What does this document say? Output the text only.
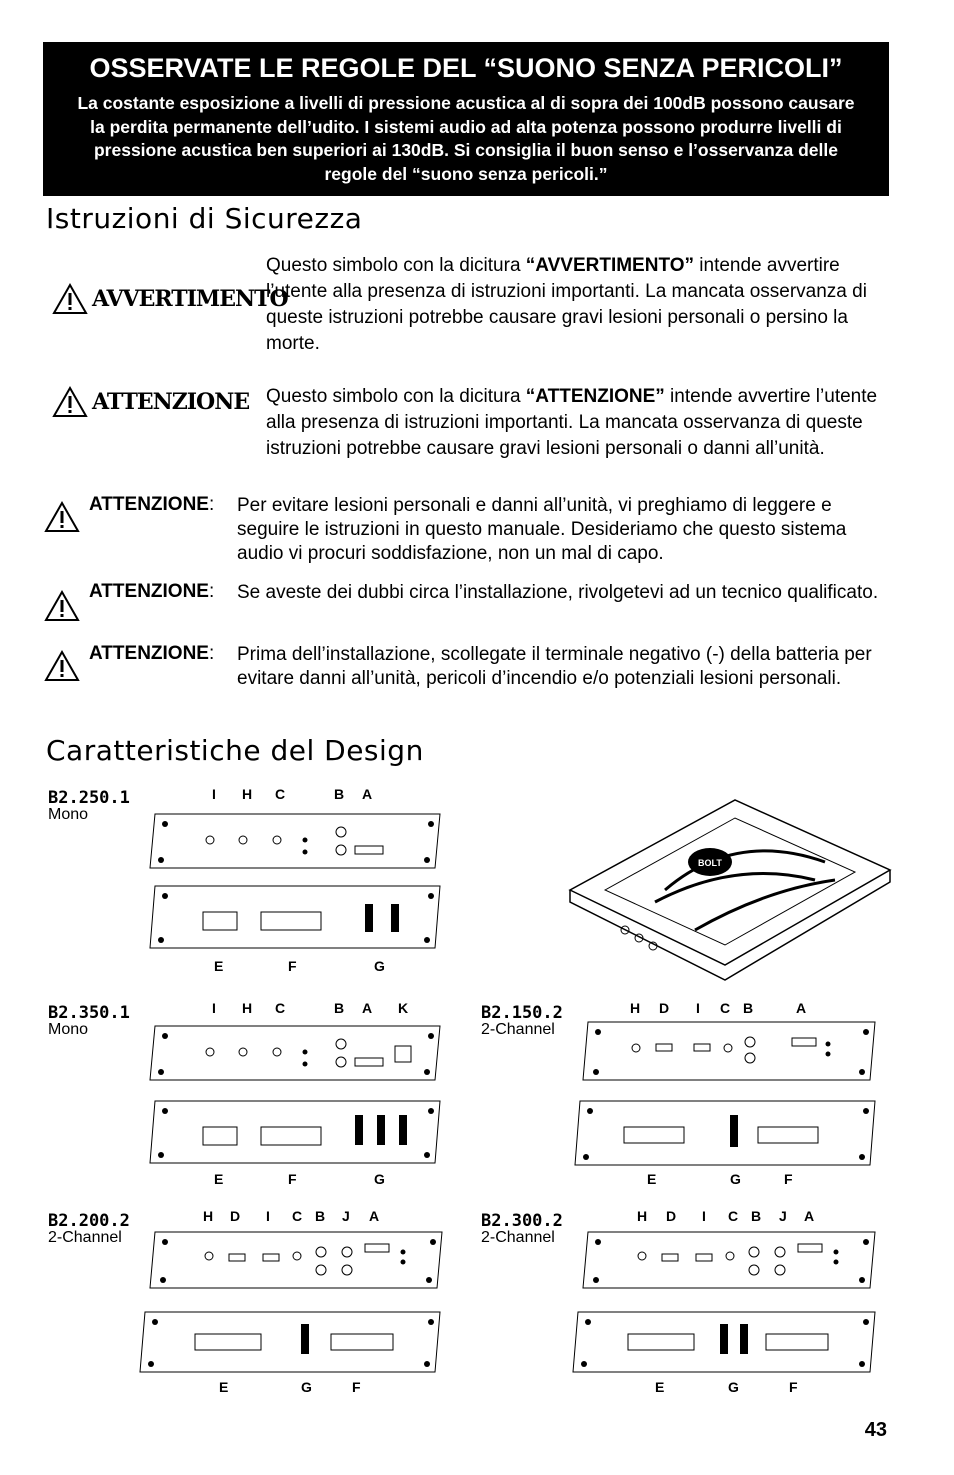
OSSERVATE LE REGOLE DEL “SUONO SENZA PERICOLI”

La costante esposizione a livelli di pressione acustica al di sopra dei 100dB possono causare la perdita permanente dell’udito. I sistemi audio ad alta potenza possono produrre livelli di pressione acustica ben superiori ai 130dB. Si consiglia il buon senso e l’osservanza delle regole del “suono senza pericoli.”

Istruzioni di Sicurezza
AVVERTIMENTO
Questo simbolo con la dicitura “AVVERTIMENTO” intende avvertire l’utente alla presenza di istruzioni importanti. La mancata osservanza di queste istruzioni potrebbe causare gravi lesioni personali o persino la morte.
ATTENZIONE Questo simbolo con la dicitura “ATTENZIONE” intende avvertire l’utente alla presenza di istruzioni importanti. La mancata osservanza di queste istruzioni potrebbe causare gravi lesioni personali o danni all’unità.
ATTENZIONE: Per evitare lesioni personali e danni all’unità, vi preghiamo di leggere e seguire le istruzioni in questo manuale. Desideriamo che questo sistema audio vi procuri soddisfazione, non un mal di capo.
ATTENZIONE: Se aveste dei dubbi circa l’installazione, rivolgetevi ad un tecnico qualificato.
ATTENZIONE: Prima dell’installazione, scollegate il terminale negativo (-) della batteria per evitare danni all’unità, pericoli d’incendio e/o potenziali lesioni personali.
Caratteristiche del Design
B2.250.1
Mono
I H C	B A
E	F	G
BOLT
B2.350.1
Mono
I H C	B A K
E	F	G
B2.150.2
2-Channel
H D I C B	A
E	G	F
B2.200.2
2-Channel
H D I C B J A
E	G	F
B2.300.2
2-Channel
H D I C B J A
E	G	F
43
